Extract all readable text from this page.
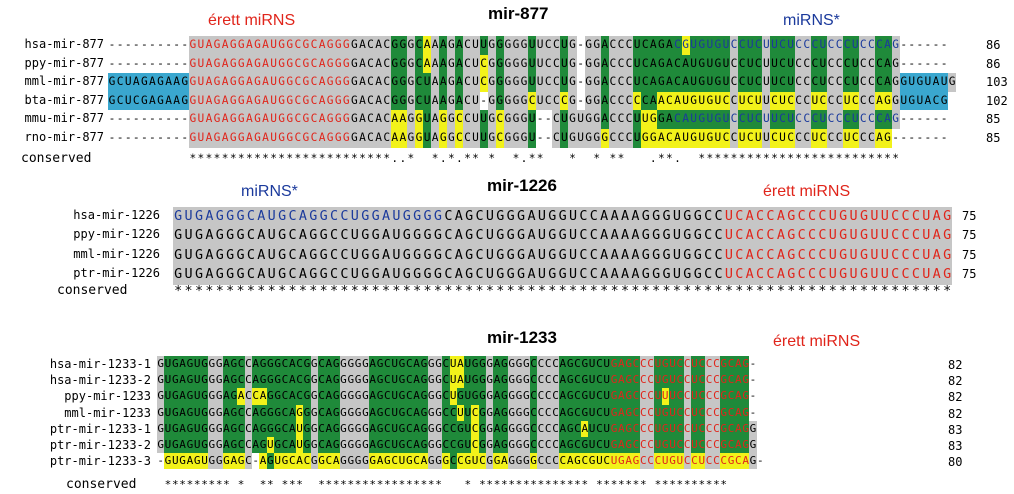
mir-877
érett miRNS	miRNS*
hsa-mir-877 ----------GUAGAGGAGAUGGCGCAGGGGACACGGGCAAAGACUUGGGGGUUCCUG-GGACCCUCAGACGUGUGUCCUCUUCUCCCUCCCUCCCAG------	86
ppy-mir-877 ----------GUAGAGGAGAUGGCGCAGGGGACACGGGCAAAGACUCGGGGGUUCCUG-GGACCCUCAGACAUGUGUCCUCUUCUCCCUCCCUCCCAG------	86
mml-mir-877 GCUAGAGAAGGUAGAGGAGAUGGCGCAGGGGACACGGGCUAAGACUCGGGGGUUCCUG-GGACCCUCAGACAUGUGUCCUCUUCUCCCUCCCUCCCAGGUGUAUG	103
bta-mir-877 GCUCGAGAAGGUAGAGGAGAUGGCGCAGGGGACACGGGCUAAGACU-GGGGGCUCCCG-GGACCCCCAACAUGUGUCCUCUUCUCCCUCCCUCCCAGGUGUACG	102
mmu-mir-877 ----------GUAGAGGAGAUGGCGCAGGGGACACAAGGUAGGCCUUGCGGGU--CUGUGGACCCUUGGACAUGUGUCCUCUUCUCCCUCCCUCCCAG------	85
rno-mir-877 ----------GUAGAGGAGAUGGCGCAGGGGACACAAGGUAGGCCUUGCGGGU--CUGUGGGCCCUGGACAUGUGUCCUCUUCUCCCUCCCUCCCAG-------	85
conserved	*************************..* *.*.** * *.** * * ** .**. *************************
mir-1226
miRNS*	érett miRNS
hsa-mir-1226 G U G A G G G C A U G C A G G C C U G G A U G G G G C A G C U G G G A U G G U C C A A A A G G G U G G C C U C A C C A G C C C U G U G U U C C C U A G 75
ppy-mir-1226 G U G A G G G C A U G C A G G C C U G G A U G G G G C A G C U G G G A U G G U C C A A A A G G G U G G C C U C A C C A G C C C U G U G U U C C C U A G 75
mml-mir-1226 G U G A G G G C A U G C A G G C C U G G A U G G G G C A G C U G G G A U G G U C C A A A A G G G U G G C C U C A C C A G C C C U G U G U U C C C U A G 75
ptr-mir-1226 G U G A G G G C A U G C A G G C C U G G A U G G G G C A G C U G G G A U G G U C C A A A A G G G U G G C C U C A C C A G C C C U G U G U U C C C U A G 75
conserved	* * * * * * * * * * * * * * * * * * * * * * * * * * * * * * * * * * * * * * * * * * * * * * * * * * * * * * * * * * * * * * * * * * * * * * * * * * *
mir-1233	érett miRNS
hsa-mir-1233-1 GUGAGUGGGAGCCAGGGCACGGCAGGGGGAGCUGCAGGGCUAUGGGAGGGGCCCCAGCGUCUGAGCCCUGUCCUCCCGCAG-	82
hsa-mir-1233-2 GUGAGUGGGAGCCAGGGCACGGCAGGGGGAGCUGCAGGGCUAUGGGAGGGGCCCCAGCGUCUGAGCCCUGUCCUCCCGCAG-	82
ppy-mir-1233 GUGAGUGGGAGACCAGGCACGGCAGGGGGAGCUGCAGGGCUGUGGGAGGGGCCCCAGCGUCUGAGCCCUUUCCUCCCGCAG-	82
mml-mir-1233 GUGAGUGGGAGCCAGGGCAGGGCAGGGGGAGCUGCAGGGCCUUCGGAGGGGCCCCAGCGUCUGAGCCCUGUCCUCCCGCAG-	82
ptr-mir-1233-1 GUGAGUGGGAGCCAGGGCAUGGCAGGGGGAGCUGCAGGGCCGUCGGAGGGGCCCCAGCAUCUGAGCCCUGUCCUCCCGCAGG	83
ptr-mir-1233-2 GUGAGUGGGAGCCAGUGCAUGGCAGGGGGAGCUGCAGGGCCGUCGGAGGGGCCCCAGCGUCUGAGCCCUGUCCUCCCGCAGG	83
ptr-mir-1233-3 -GUGAGUGGGAGC-AGUGCACGGCAGGGGGAGCUGCAGGGCCGUCGGAGGGGCCCCAGCGUCUGAGCCCUGUCCUCCCGCAG-	80
conserved	********* * ** *** ***************** * *************** ******* **********
